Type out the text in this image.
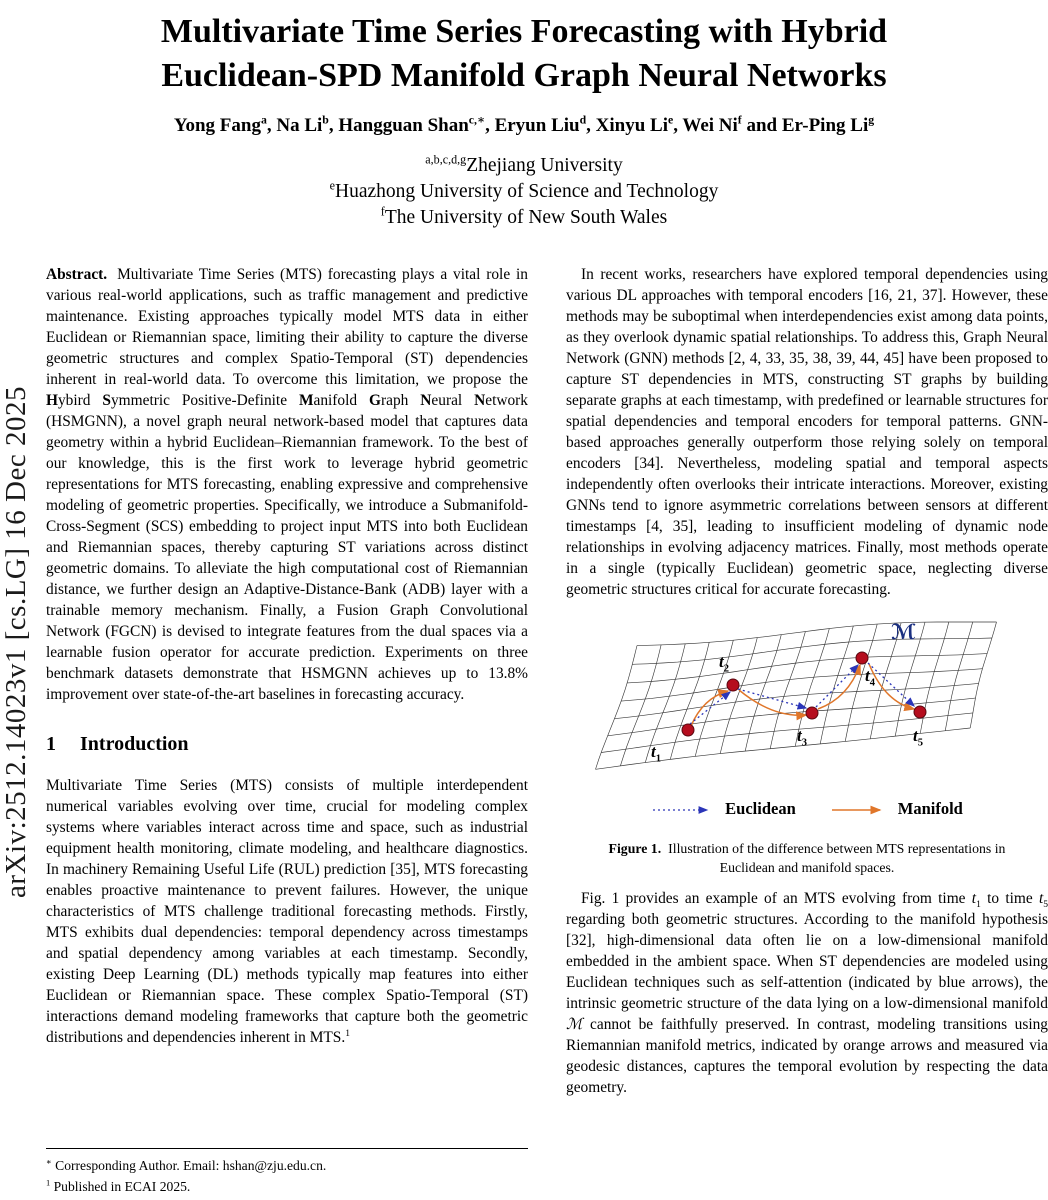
arXiv:2512.14023v1 [cs.LG] 16 Dec 2025
Multivariate Time Series Forecasting with Hybrid
Euclidean-SPD Manifold Graph Neural Networks
Yong Fang$^a$, Na Li$^b$, Hangguan Shan$^{c,∗}$, Eryun Liu$^d$, Xinyu Li$^e$, Wei Ni$^f$ and Er-Ping Li$^g$
$^{a,b,c,d,g}$Zhejiang University
$^e$Huazhong University of Science and Technology
$^f$The University of New South Wales

Abstract. Multivariate Time Series (MTS) forecasting plays a vital role in various real-world applications, such as traffic management and predictive maintenance. Existing approaches typically model MTS data in either Euclidean or Riemannian space, limiting their ability to capture the diverse geometric structures and complex Spatio-Temporal (ST) dependencies inherent in real-world data. To overcome this limitation, we propose the Hybird Symmetric Positive-Definite Manifold Graph Neural Network (HSMGNN), a novel graph neural network-based model that captures data geometry within a hybrid Euclidean–Riemannian framework. To the best of our knowledge, this is the first work to leverage hybrid geometric representations for MTS forecasting, enabling expressive and comprehensive modeling of geometric properties. Specifically, we introduce a Submanifold-Cross-Segment (SCS) embedding to project input MTS into both Euclidean and Riemannian spaces, thereby capturing ST variations across distinct geometric domains. To alleviate the high computational cost of Riemannian distance, we further design an Adaptive-Distance-Bank (ADB) layer with a trainable memory mechanism. Finally, a Fusion Graph Convolutional Network (FGCN) is devised to integrate features from the dual spaces via a learnable fusion operator for accurate prediction. Experiments on three benchmark datasets demonstrate that HSMGNN achieves up to 13.8% improvement over state-of-the-art baselines in forecasting accuracy.

1 Introduction

Multivariate Time Series (MTS) consists of multiple interdependent numerical variables evolving over time, crucial for modeling complex systems where variables interact across time and space, such as industrial equipment health monitoring, climate modeling, and healthcare diagnostics. In machinery Remaining Useful Life (RUL) prediction [35], MTS forecasting enables proactive maintenance to prevent failures. However, the unique characteristics of MTS challenge traditional forecasting methods. Firstly, MTS exhibits dual dependencies: temporal dependency across timestamps and spatial dependency among variables at each timestamp. Secondly, existing Deep Learning (DL) methods typically map features into either Euclidean or Riemannian space. These complex Spatio-Temporal (ST) interactions demand modeling frameworks that capture both the geometric distributions and dependencies inherent in MTS.$^1$

In recent works, researchers have explored temporal dependencies using various DL approaches with temporal encoders [16, 21, 37]. However, these methods may be suboptimal when interdependencies exist among data points, as they overlook dynamic spatial relationships. To address this, Graph Neural Network (GNN) methods [2, 4, 33, 35, 38, 39, 44, 45] have been proposed to capture ST dependencies in MTS, constructing ST graphs by building separate graphs at each timestamp, with predefined or learnable structures for spatial dependencies and temporal encoders for temporal patterns. GNN-based approaches generally outperform those relying solely on temporal encoders [34]. Nevertheless, modeling spatial and temporal aspects independently often overlooks their intricate interactions. Moreover, existing GNNs tend to ignore asymmetric correlations between sensors at different timestamps [4, 35], leading to insufficient modeling of dynamic node relationships in evolving adjacency matrices. Finally, most methods operate in a single (typically Euclidean) geometric space, neglecting diverse geometric structures critical for accurate forecasting.

ℳ
$t_1$
$t_2$
$t_3$
$t_4$
$t_5$
Euclidean	Manifold
Figure 1. Illustration of the difference between MTS representations in Euclidean and manifold spaces.

Fig. 1 provides an example of an MTS evolving from time $t_1$ to time $t_5$ regarding both geometric structures. According to the manifold hypothesis [32], high-dimensional data often lie on a low-dimensional manifold embedded in the ambient space. When ST dependencies are modeled using Euclidean techniques such as self-attention (indicated by blue arrows), the intrinsic geometric structure of the data lying on a low-dimensional manifold ℳ cannot be faithfully preserved. In contrast, modeling transitions using Riemannian manifold metrics, indicated by orange arrows and measured via geodesic distances, captures the temporal evolution by respecting the data geometry.

∗ Corresponding Author. Email: hshan@zju.edu.cn.
$^1$ Published in ECAI 2025.
